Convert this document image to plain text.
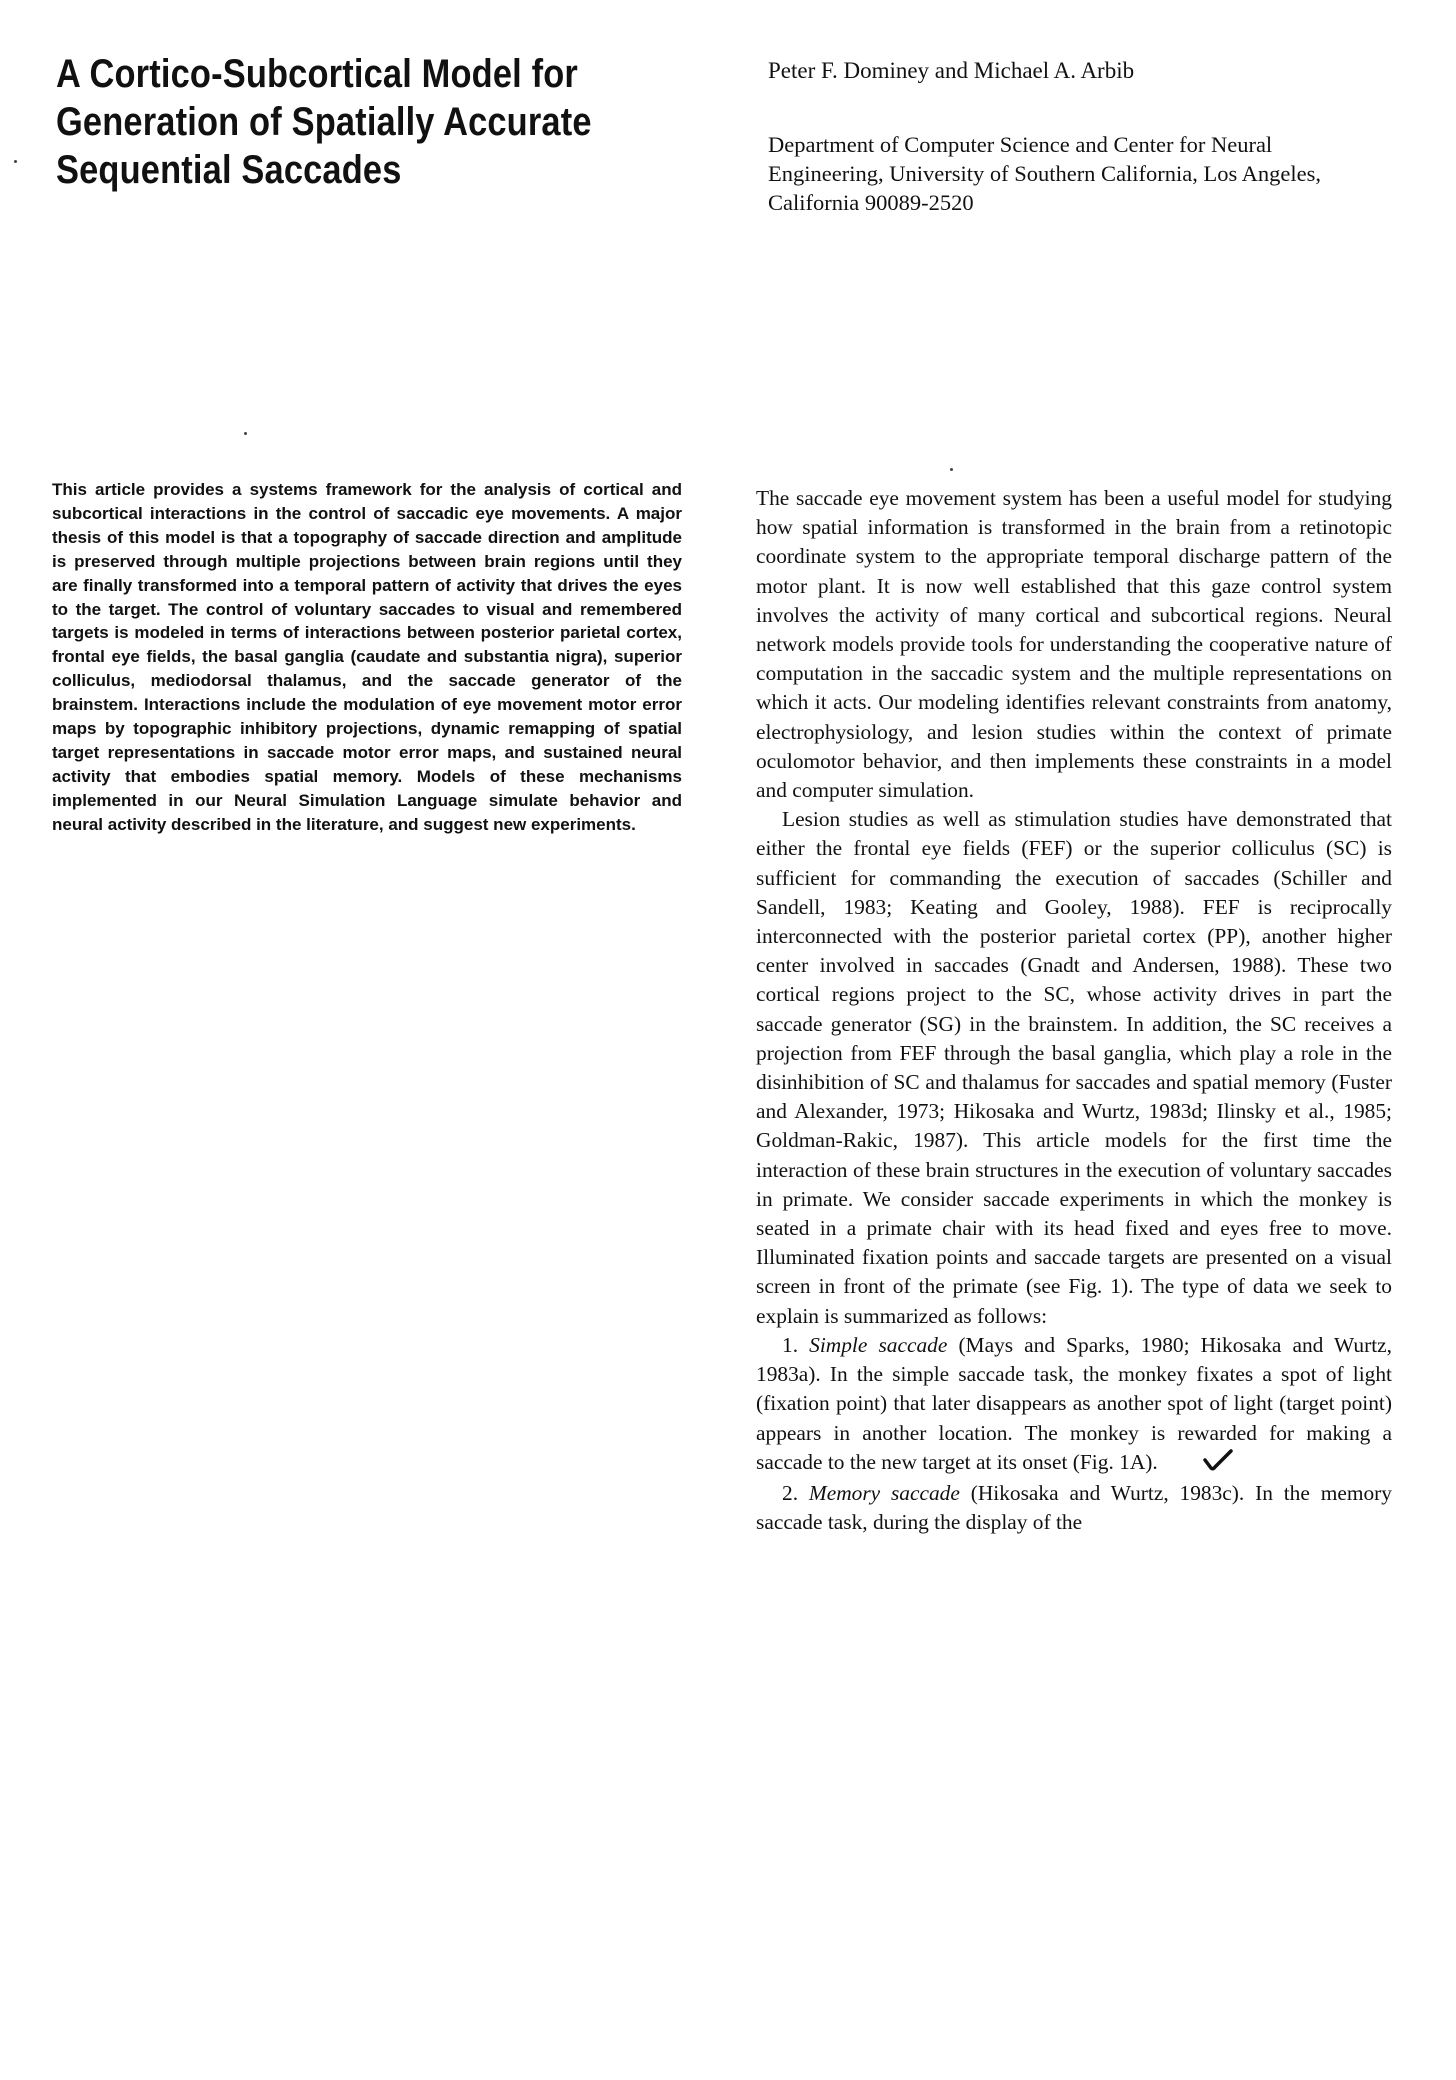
A Cortico-Subcortical Model for Generation of Spatially Accurate Sequential Saccades
Peter F. Dominey and Michael A. Arbib
Department of Computer Science and Center for Neural Engineering, University of Southern California, Los Angeles, California 90089-2520
This article provides a systems framework for the analysis of cortical and subcortical interactions in the control of saccadic eye movements. A major thesis of this model is that a topography of saccade direction and amplitude is preserved through multiple projections between brain regions until they are finally transformed into a temporal pattern of activity that drives the eyes to the target. The control of voluntary saccades to visual and remembered targets is modeled in terms of interactions between posterior parietal cortex, frontal eye fields, the basal ganglia (caudate and substantia nigra), superior colliculus, mediodorsal thalamus, and the saccade generator of the brainstem. Interactions include the modulation of eye movement motor error maps by topographic inhibitory projections, dynamic remapping of spatial target representations in saccade motor error maps, and sustained neural activity that embodies spatial memory. Models of these mechanisms implemented in our Neural Simulation Language simulate behavior and neural activity described in the literature, and suggest new experiments.

The saccade eye movement system has been a useful model for studying how spatial information is transformed in the brain from a retinotopic coordinate system to the appropriate temporal discharge pattern of the motor plant. It is now well established that this gaze control system involves the activity of many cortical and subcortical regions. Neural network models provide tools for understanding the cooperative nature of computation in the saccadic system and the multiple representations on which it acts. Our modeling identifies relevant constraints from anatomy, electrophysiology, and lesion studies within the context of primate oculomotor behavior, and then implements these constraints in a model and computer simulation.

Lesion studies as well as stimulation studies have demonstrated that either the frontal eye fields (FEF) or the superior colliculus (SC) is sufficient for commanding the execution of saccades (Schiller and Sandell, 1983; Keating and Gooley, 1988). FEF is reciprocally interconnected with the posterior parietal cortex (PP), another higher center involved in saccades (Gnadt and Andersen, 1988). These two cortical regions project to the SC, whose activity drives in part the saccade generator (SG) in the brainstem. In addition, the SC receives a projection from FEF through the basal ganglia, which play a role in the disinhibition of SC and thalamus for saccades and spatial memory (Fuster and Alexander, 1973; Hikosaka and Wurtz, 1983d; Ilinsky et al., 1985; Goldman-Rakic, 1987). This article models for the first time the interaction of these brain structures in the execution of voluntary saccades in primate. We consider saccade experiments in which the monkey is seated in a primate chair with its head fixed and eyes free to move. Illuminated fixation points and saccade targets are presented on a visual screen in front of the primate (see Fig. 1). The type of data we seek to explain is summarized as follows:

1. Simple saccade (Mays and Sparks, 1980; Hikosaka and Wurtz, 1983a). In the simple saccade task, the monkey fixates a spot of light (fixation point) that later disappears as another spot of light (target point) appears in another location. The monkey is rewarded for making a saccade to the new target at its onset (Fig. 1A).

2. Memory saccade (Hikosaka and Wurtz, 1983c). In the memory saccade task, during the display of the
